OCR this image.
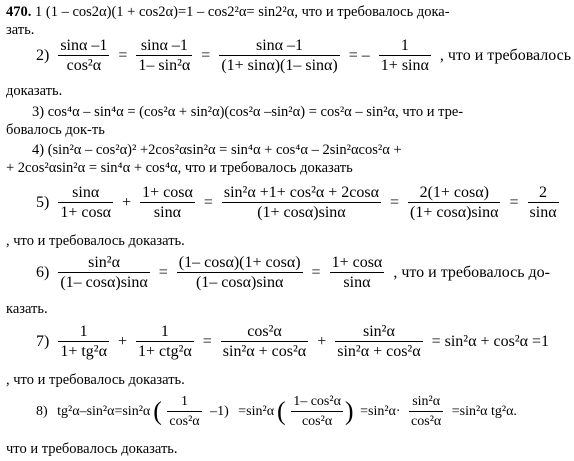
470. 1 (1 – cos2α)(1 + cos2α)=1 – cos2²α= sin2²α, что и требовалось дока-
зать.
$2) \frac{\sin\alpha -1}{\text{cos²α}} = \frac{\sin\alpha -1}{\text{1– sin²α}} = \frac{\sin\alpha -1}{(1+ \sin\alpha)(1- \sin\alpha)}$ = – $\frac{1}{1+ \sin\alpha}$ , что и требовалось
доказать.
3) cos⁴α – sin⁴α = (cos²α + sin²α)(cos²α –sin²α) = cos²α – sin²α, что и тре-
бовалось док-ть
4) (sin²α – cos²α)² +2cos²αsin²α = sin⁴α + cos⁴α – 2sin²αcos²α +
+ 2cos²αsin²α = sin⁴α + cos⁴α, что и требовалось доказать
$5) \frac{\sin\alpha}{1+ \cos\alpha} + \frac{1+ \cos\alpha}{\sin\alpha} = \frac{\text{sin²α +1+ cos²α + 2cosα}}{(1+ \cos\alpha)\sin\alpha} = \frac{2(1+ \cos\alpha)}{(1+ \cos\alpha)\sin\alpha} = \frac{2}{\sin\alpha}$
, что и требовалось доказать.
$6) \frac{\text{sin²α}}{(1- \cos\alpha)\sin\alpha} = \frac{(1- \cos\alpha)(1+ \cos\alpha)}{(1- \cos\alpha)\sin\alpha} = \frac{1+ \cos\alpha}{\sin\alpha}$ , что и требовалось до-
казать.
$7) \frac{1}{\text{1+ tg²α}} + \frac{1}{\text{1+ ctg²α}} = \frac{\text{cos²α}}{\text{sin²α + cos²α}} + \frac{\text{sin²α}}{\text{sin²α + cos²α}} = \sin^2\alpha + \cos^2\alpha =1$
, что и требовалось доказать.
8) tg²α–sin²α=sin²α ( $\frac{1}{\text{cos²α}} -1) =\sin^2\alpha$ ( $\frac{\text{1– cos²α}}{\text{cos²α}}$ ) $=\sin^2\alpha\cdot \frac{\text{sin²α}}{\text{cos²α}} =\sin^2\alpha$ tg²α.
что и требовалось доказать.
